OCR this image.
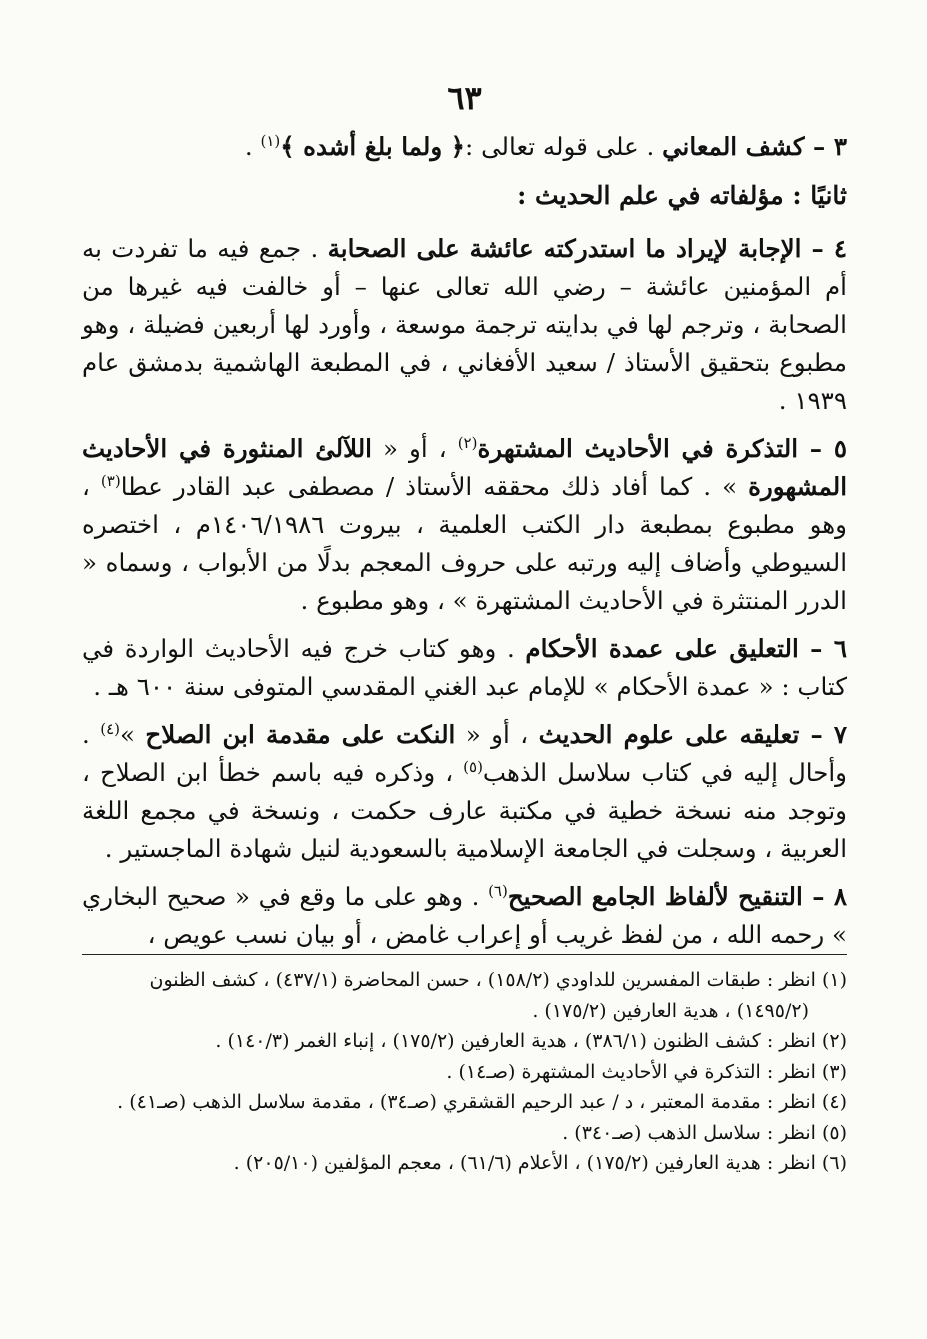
٦٣

٣ – كشف المعاني . على قوله تعالى :﴿ ولما بلغ أشده ﴾$^{(١)}$ .

ثانيًا : مؤلفاته في علم الحديث :

٤ – الإجابة لإيراد ما استدركته عائشة على الصحابة . جمع فيه ما تفردت به أم المؤمنين عائشة – رضي الله تعالى عنها – أو خالفت فيه غيرها من الصحابة ، وترجم لها في بدايته ترجمة موسعة ، وأورد لها أربعين فضيلة ، وهو مطبوع بتحقيق الأستاذ / سعيد الأفغاني ، في المطبعة الهاشمية بدمشق عام ١٩٣٩ .

٥ – التذكرة في الأحاديث المشتهرة$^{(٢)}$ ، أو « اللآلئ المنثورة في الأحاديث المشهورة » . كما أفاد ذلك محققه الأستاذ / مصطفى عبد القادر عطا$^{(٣)}$ ، وهو مطبوع بمطبعة دار الكتب العلمية ، بيروت ١٤٠٦/١٩٨٦م ، اختصره السيوطي وأضاف إليه ورتبه على حروف المعجم بدلًا من الأبواب ، وسماه « الدرر المنتثرة في الأحاديث المشتهرة » ، وهو مطبوع .

٦ – التعليق على عمدة الأحكام . وهو كتاب خرج فيه الأحاديث الواردة في كتاب : « عمدة الأحكام » للإمام عبد الغني المقدسي المتوفى سنة ٦٠٠ هـ .

٧ – تعليقه على علوم الحديث ، أو « النكت على مقدمة ابن الصلاح »$^{(٤)}$ . وأحال إليه في كتاب سلاسل الذهب$^{(٥)}$ ، وذكره فيه باسم خطأ ابن الصلاح ، وتوجد منه نسخة خطية في مكتبة عارف حكمت ، ونسخة في مجمع اللغة العربية ، وسجلت في الجامعة الإسلامية بالسعودية لنيل شهادة الماجستير .

٨ – التنقيح لألفاظ الجامع الصحيح$^{(٦)}$ . وهو على ما وقع في « صحيح البخاري » رحمه الله ، من لفظ غريب أو إعراب غامض ، أو بيان نسب عويص ،

(١) انظر : طبقات المفسرين للداودي (١٥٨/٢) ، حسن المحاضرة (٤٣٧/١) ، كشف الظنون

(١٤٩٥/٢) ، هدية العارفين (١٧٥/٢) .

(٢) انظر : كشف الظنون (٣٨٦/١) ، هدية العارفين (١٧٥/٢) ، إنباء الغمر (١٤٠/٣) .

(٣) انظر : التذكرة في الأحاديث المشتهرة (صـ١٤) .

(٤) انظر : مقدمة المعتبر ، د / عبد الرحيم القشقري (صـ٣٤) ، مقدمة سلاسل الذهب (صـ٤١) .

(٥) انظر : سلاسل الذهب (صـ٣٤٠) .

(٦) انظر : هدية العارفين (١٧٥/٢) ، الأعلام (٦١/٦) ، معجم المؤلفين (٢٠٥/١٠) .
